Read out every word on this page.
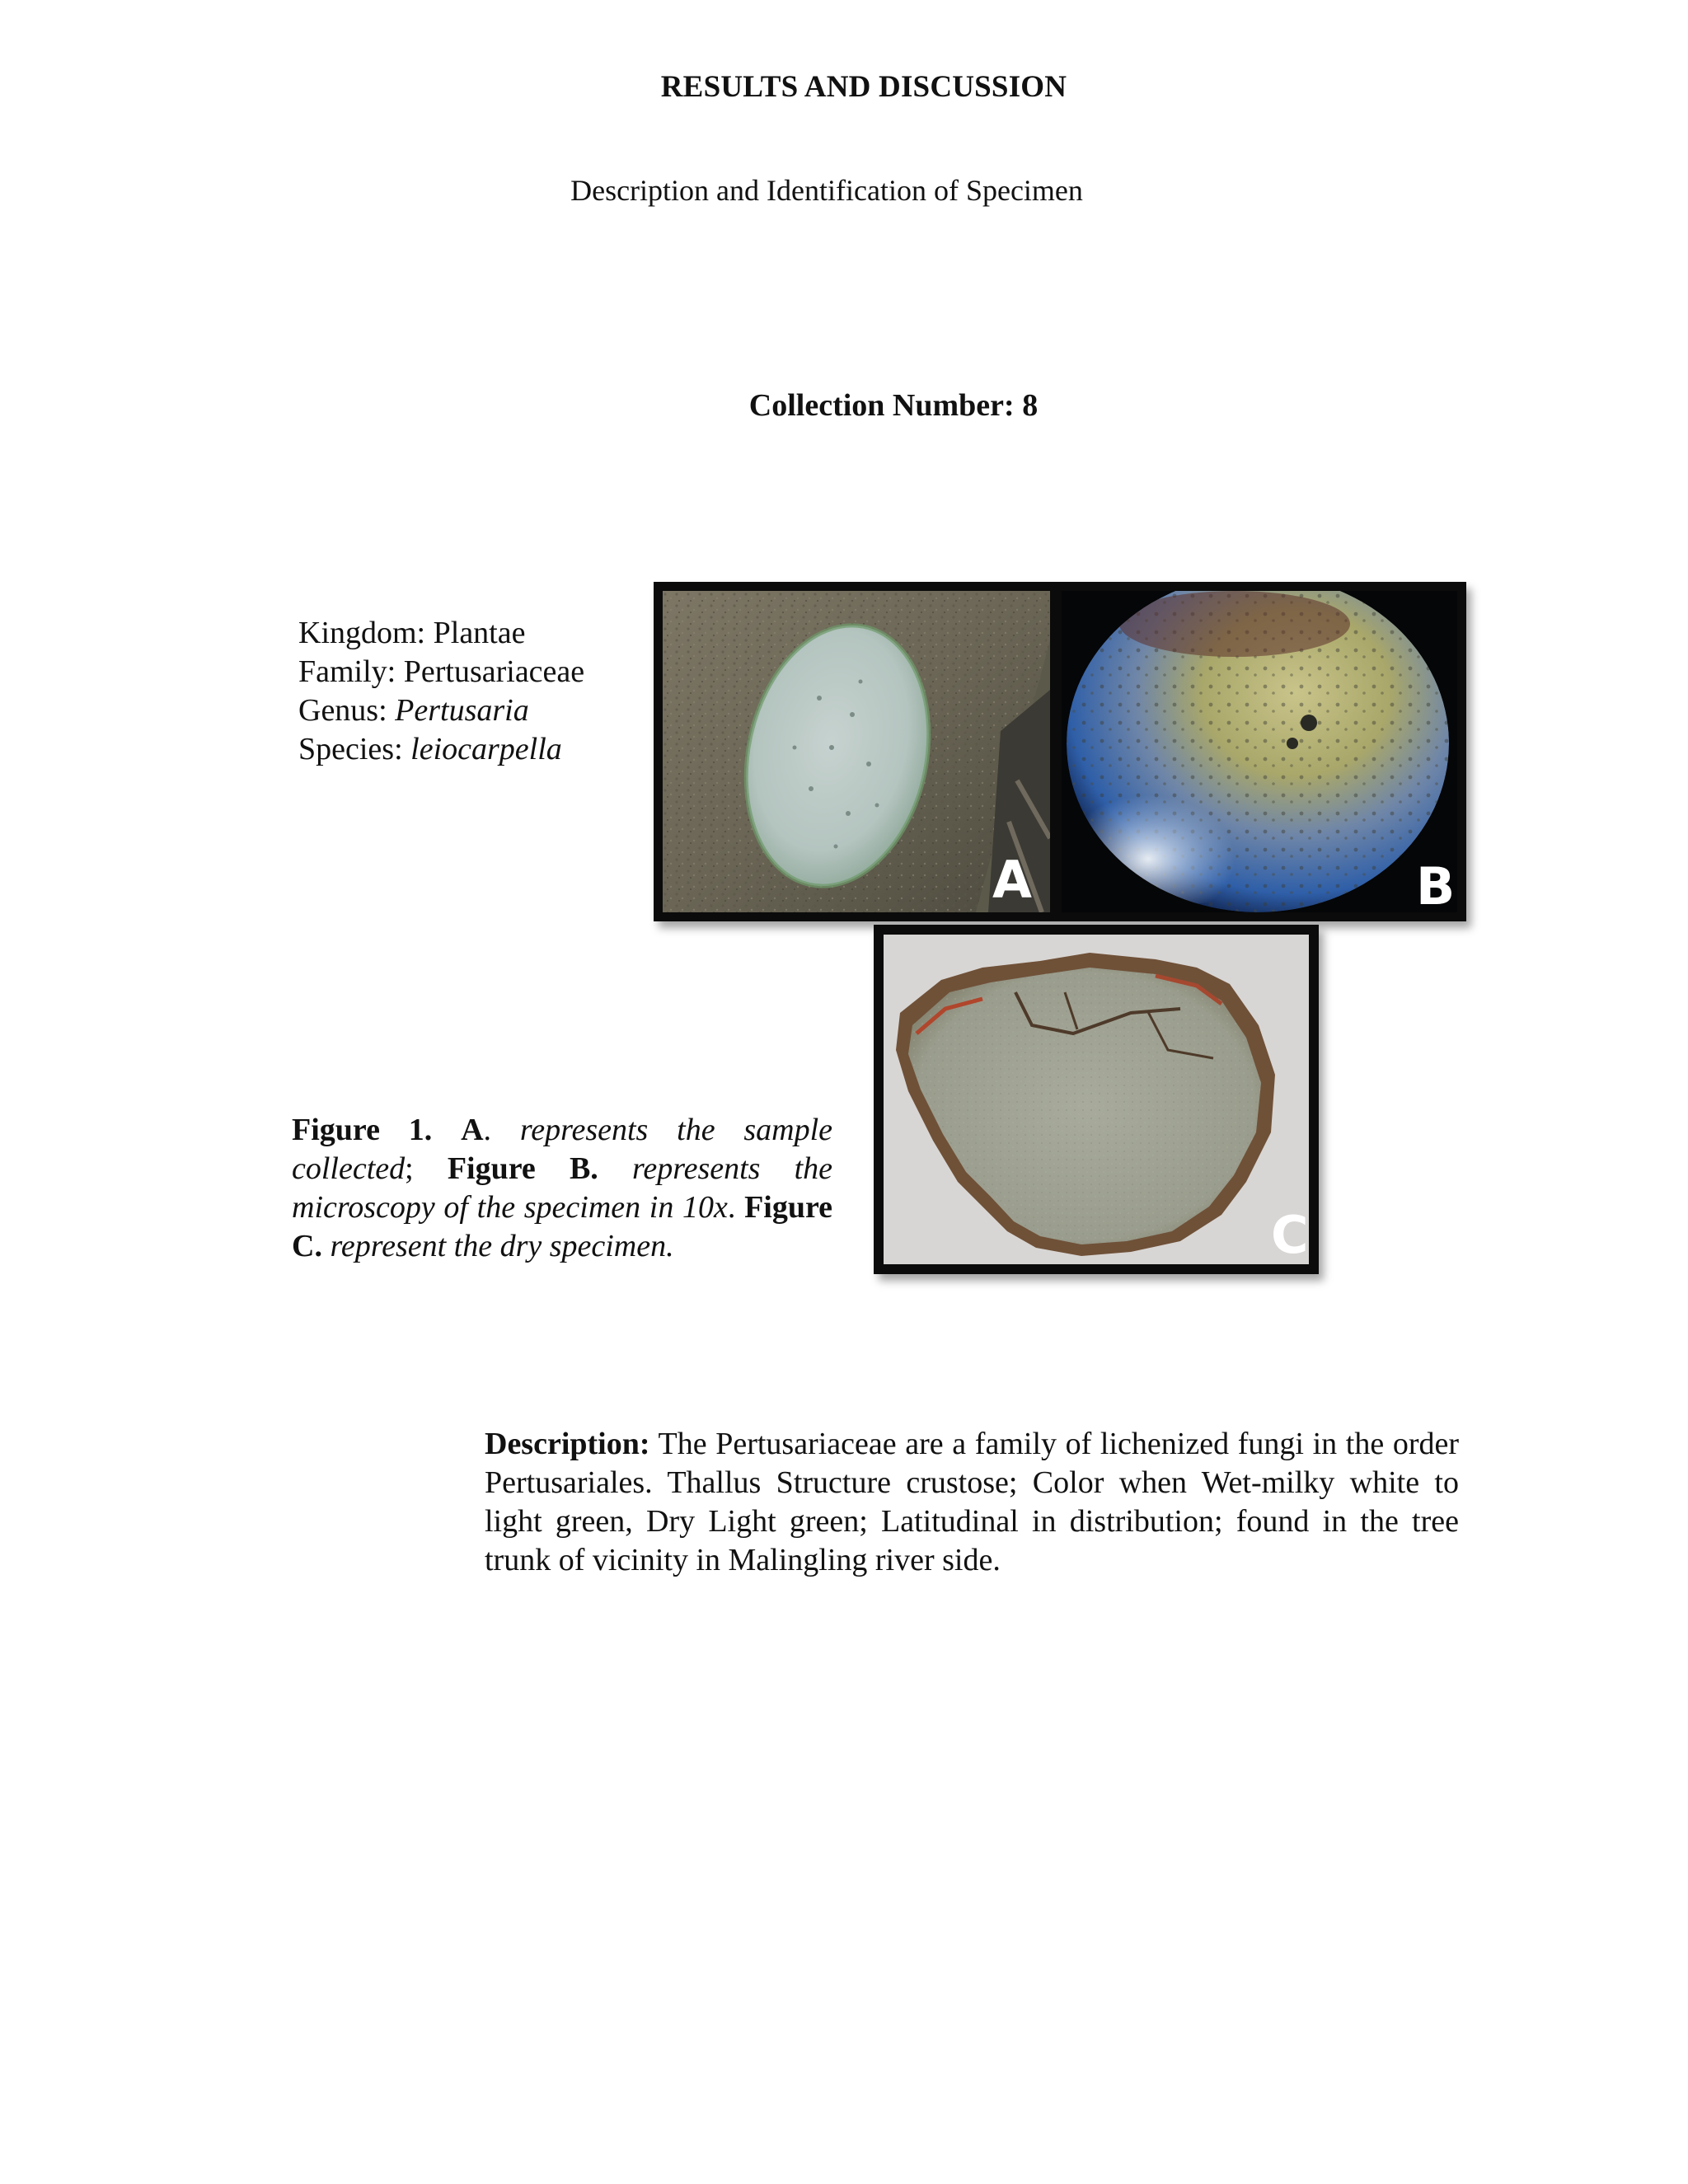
RESULTS AND DISCUSSION
Description and Identification of Specimen
Collection Number: 8
Kingdom: Plantae
Family: Pertusariaceae
Genus: Pertusaria
Species: leiocarpella
A	B
C
Figure 1. A. represents the sample collected; Figure B. represents the microscopy of the specimen in 10x. Figure C. represent the dry specimen.
Description: The Pertusariaceae are a family of lichenized fungi in the order Pertusariales. Thallus Structure crustose; Color when Wet-milky white to light green, Dry Light green; Latitudinal in distribution; found in the tree trunk of vicinity in Malingling river side.
